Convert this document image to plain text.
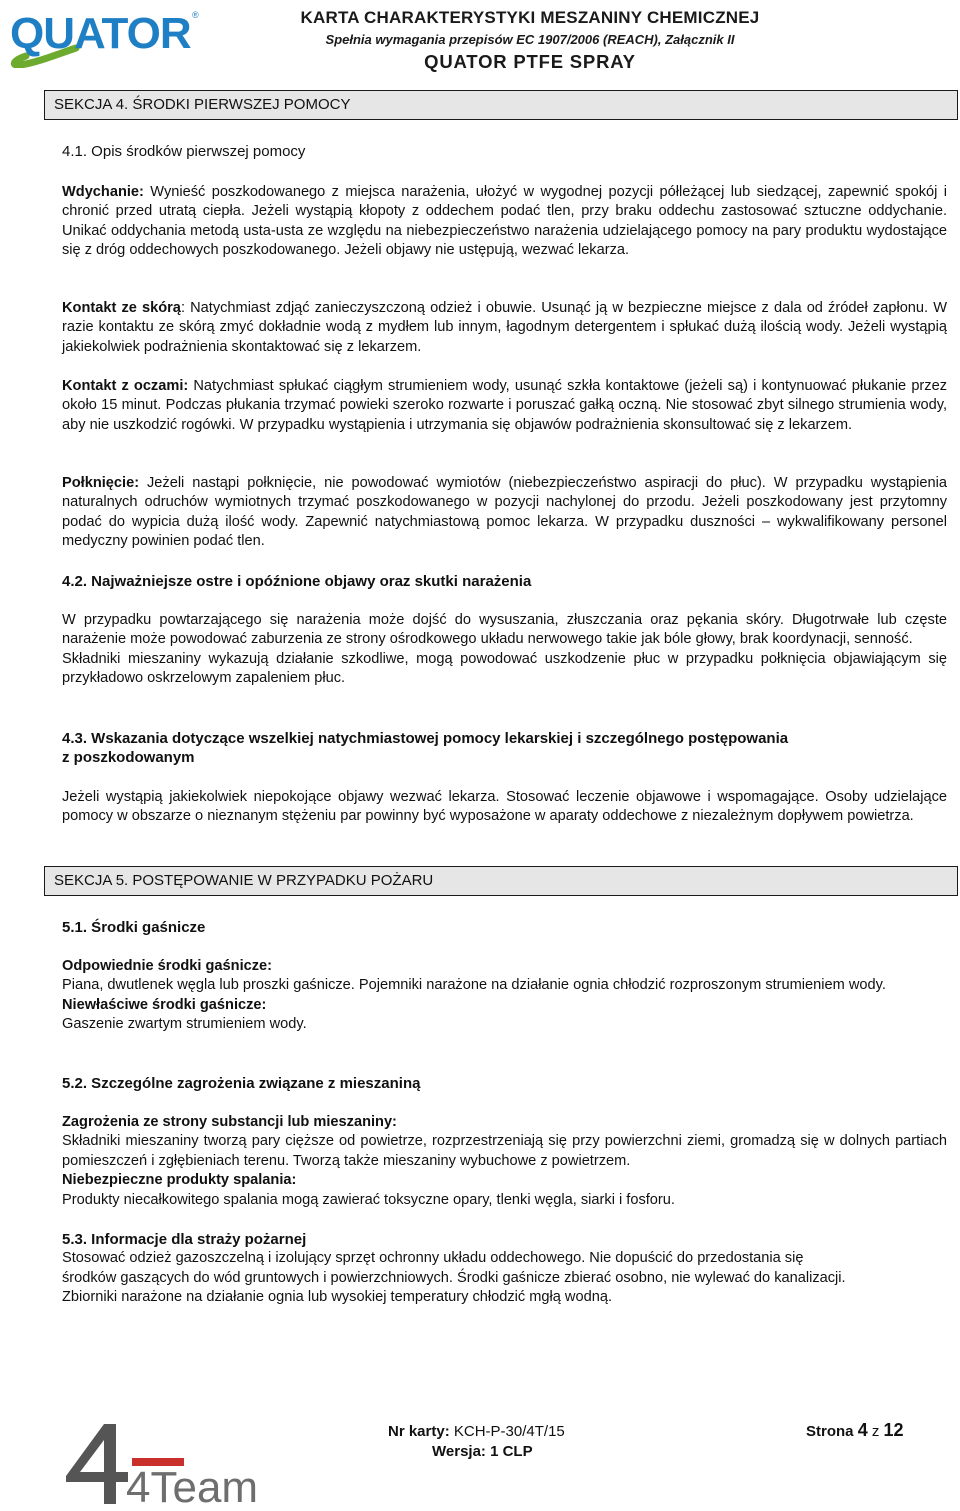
QUATOR ®	KARTA CHARAKTERYSTYKI MESZANINY CHEMICZNEJ
Spełnia wymagania przepisów EC 1907/2006 (REACH), Załącznik II
QUATOR PTFE SPRAY
SEKCJA 4. ŚRODKI PIERWSZEJ POMOCY

4.1. Opis środków pierwszej pomocy

Wdychanie: Wynieść poszkodowanego z miejsca narażenia, ułożyć w wygodnej pozycji półleżącej lub siedzącej, zapewnić spokój i chronić przed utratą ciepła. Jeżeli wystąpią kłopoty z oddechem podać tlen, przy braku oddechu zastosować sztuczne oddychanie. Unikać oddychania metodą usta-usta ze względu na niebezpieczeństwo narażenia udzielającego pomocy na pary produktu wydostające się z dróg oddechowych poszkodowanego. Jeżeli objawy nie ustępują, wezwać lekarza.

Kontakt ze skórą: Natychmiast zdjąć zanieczyszczoną odzież i obuwie. Usunąć ją w bezpieczne miejsce z dala od źródeł zapłonu. W razie kontaktu ze skórą zmyć dokładnie wodą z mydłem lub innym, łagodnym detergentem i spłukać dużą ilością wody. Jeżeli wystąpią jakiekolwiek podrażnienia skontaktować się z lekarzem.

Kontakt z oczami: Natychmiast spłukać ciągłym strumieniem wody, usunąć szkła kontaktowe (jeżeli są) i kontynuować płukanie przez około 15 minut. Podczas płukania trzymać powieki szeroko rozwarte i poruszać gałką oczną. Nie stosować zbyt silnego strumienia wody, aby nie uszkodzić rogówki. W przypadku wystąpienia i utrzymania się objawów podrażnienia skonsultować się z lekarzem.

Połknięcie: Jeżeli nastąpi połknięcie, nie powodować wymiotów (niebezpieczeństwo aspiracji do płuc). W przypadku wystąpienia naturalnych odruchów wymiotnych trzymać poszkodowanego w pozycji nachylonej do przodu. Jeżeli poszkodowany jest przytomny podać do wypicia dużą ilość wody. Zapewnić natychmiastową pomoc lekarza. W przypadku duszności – wykwalifikowany personel medyczny powinien podać tlen.

4.2. Najważniejsze ostre i opóźnione objawy oraz skutki narażenia

W przypadku powtarzającego się narażenia może dojść do wysuszania, złuszczania oraz pękania skóry. Długotrwałe lub częste narażenie może powodować zaburzenia ze strony ośrodkowego układu nerwowego takie jak bóle głowy, brak koordynacji, senność.

Składniki mieszaniny wykazują działanie szkodliwe, mogą powodować uszkodzenie płuc w przypadku połknięcia objawiającym się przykładowo oskrzelowym zapaleniem płuc.

4.3. Wskazania dotyczące wszelkiej natychmiastowej pomocy lekarskiej i szczególnego postępowania

z poszkodowanym

Jeżeli wystąpią jakiekolwiek niepokojące objawy wezwać lekarza. Stosować leczenie objawowe i wspomagające. Osoby udzielające pomocy w obszarze o nieznanym stężeniu par powinny być wyposażone w aparaty oddechowe z niezależnym dopływem powietrza.

SEKCJA 5. POSTĘPOWANIE W PRZYPADKU POŻARU

5.1. Środki gaśnicze

Odpowiednie środki gaśnicze:

Piana, dwutlenek węgla lub proszki gaśnicze. Pojemniki narażone na działanie ognia chłodzić rozproszonym strumieniem wody.

Niewłaściwe środki gaśnicze:

Gaszenie zwartym strumieniem wody.

5.2. Szczególne zagrożenia związane z mieszaniną

Zagrożenia ze strony substancji lub mieszaniny:

Składniki mieszaniny tworzą pary cięższe od powietrze, rozprzestrzeniają się przy powierzchni ziemi, gromadzą się w dolnych partiach pomieszczeń i zgłębieniach terenu. Tworzą także mieszaniny wybuchowe z powietrzem.

Niebezpieczne produkty spalania:

Produkty niecałkowitego spalania mogą zawierać toksyczne opary, tlenki węgla, siarki i fosforu.

5.3. Informacje dla straży pożarnej

Stosować odzież gazoszczelną i izolujący sprzęt ochronny układu oddechowego. Nie dopuścić do przedostania się

środków gaszących do wód gruntowych i powierzchniowych. Środki gaśnicze zbierać osobno, nie wylewać do kanalizacji.

Zbiorniki narażone na działanie ognia lub wysokiej temperatury chłodzić mgłą wodną.

4Team
Nr karty: KCH-P-30/4T/15
Wersja: 1 CLP
Strona 4 z 12
